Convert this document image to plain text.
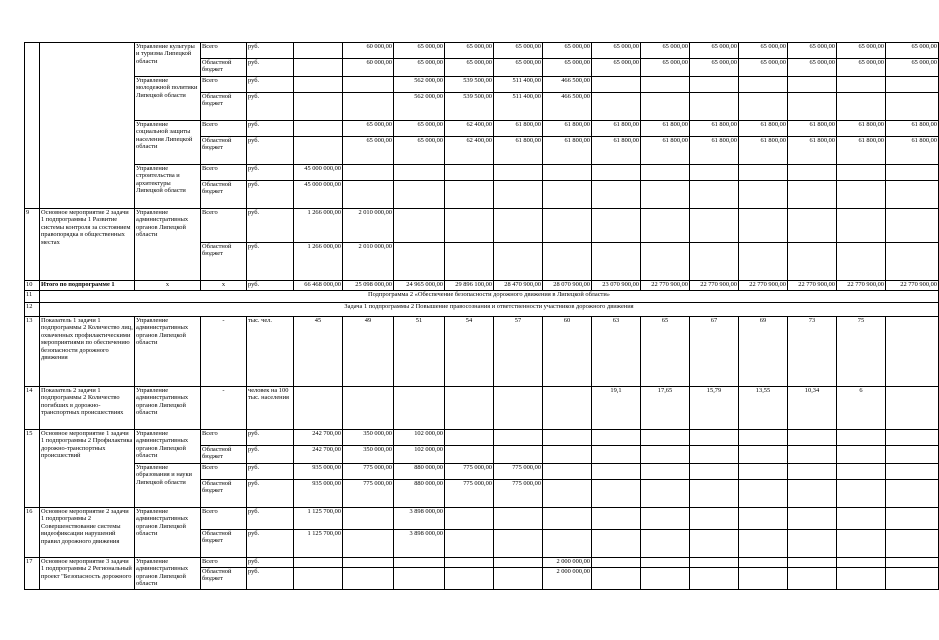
		Управление культуры и туризма Липецкой области	Всего	руб.		60 000,00	65 000,00	65 000,00	65 000,00	65 000,00	65 000,00	65 000,00	65 000,00	65 000,00	65 000,00	65 000,00	65 000,00
			Областной бюджет	руб.		60 000,00	65 000,00	65 000,00	65 000,00	65 000,00	65 000,00	65 000,00	65 000,00	65 000,00	65 000,00	65 000,00	65 000,00
		Управление молодежной политики Липецкой области	Всего	руб.			562 000,00	539 500,00	511 400,00	466 500,00							
			Областной бюджет	руб.			562 000,00	539 500,00	511 400,00	466 500,00							
		Управление социальной защиты населения Липецкой области	Всего	руб.		65 000,00	65 000,00	62 400,00	61 800,00	61 800,00	61 800,00	61 800,00	61 800,00	61 800,00	61 800,00	61 800,00	61 800,00
			Областной бюджет	руб.		65 000,00	65 000,00	62 400,00	61 800,00	61 800,00	61 800,00	61 800,00	61 800,00	61 800,00	61 800,00	61 800,00	61 800,00
		Управление строительства и архитектуры Липецкой области	Всего	руб.	45 000 000,00												
			Областной бюджет	руб.	45 000 000,00												
9	Основное мероприятие 2 задачи 1 подпрограммы 1 Развитие системы контроля за состоянием правопорядка в общественных местах	Управление административных органов Липецкой области	Всего	руб.	1 266 000,00	2 010 000,00											
			Областной бюджет	руб.	1 266 000,00	2 010 000,00											
10	Итого по подпрограмме 1	х	х	руб.	66 468 000,00	25 098 000,00	24 965 000,00	29 896 100,00	28 470 900,00	28 070 900,00	23 070 900,00	22 770 900,00	22 770 900,00	22 770 900,00	22 770 900,00	22 770 900,00	22 770 900,00
11	Подпрограмма 2 «Обеспечение безопасности дорожного движения в Липецкой области»																
12	Задача 1 подпрограммы 2 Повышение правосознания и ответственности участников дорожного движения																
13	Показатель 1 задачи 1 подпрограммы 2 Количество лиц, охваченных профилактическими мероприятиями по обеспечению безопасности дорожного движения	Управление административных органов Липецкой области	-	тыс. чел.	45	49	51	54	57	60	63	65	67	69	73	75	
14	Показатель 2 задачи 1 подпрограммы 2 Количество погибших в дорожно-транспортных происшествиях	Управление административных органов Липецкой области	-	человек на 100 тыс. населения							19,1	17,65	15,79	13,55	10,34	6	
15	Основное мероприятие 1 задачи 1 подпрограммы 2 Профилактика дорожно-транспортных происшествий	Управление административных органов Липецкой области	Всего	руб.	242 700,00	350 000,00	102 000,00										
			Областной бюджет	руб.	242 700,00	350 000,00	102 000,00										
		Управление образования и науки Липецкой области	Всего	руб.	935 000,00	775 000,00	880 000,00	775 000,00	775 000,00								
			Областной бюджет	руб.	935 000,00	775 000,00	880 000,00	775 000,00	775 000,00								
16	Основное мероприятие 2 задачи 1 подпрограммы 2 Совершенствование системы видеофиксации нарушений правил дорожного движения	Управление административных органов Липецкой области	Всего	руб.	1 125 700,00		3 898 000,00										
			Областной бюджет	руб.	1 125 700,00		3 898 000,00										
17	Основное мероприятие 3 задачи 1 подпрограммы 2 Региональный проект "Безопасность дорожного	Управление административных органов Липецкой области	Всего	руб.						2 000 000,00							
			Областной бюджет	руб.						2 000 000,00							
